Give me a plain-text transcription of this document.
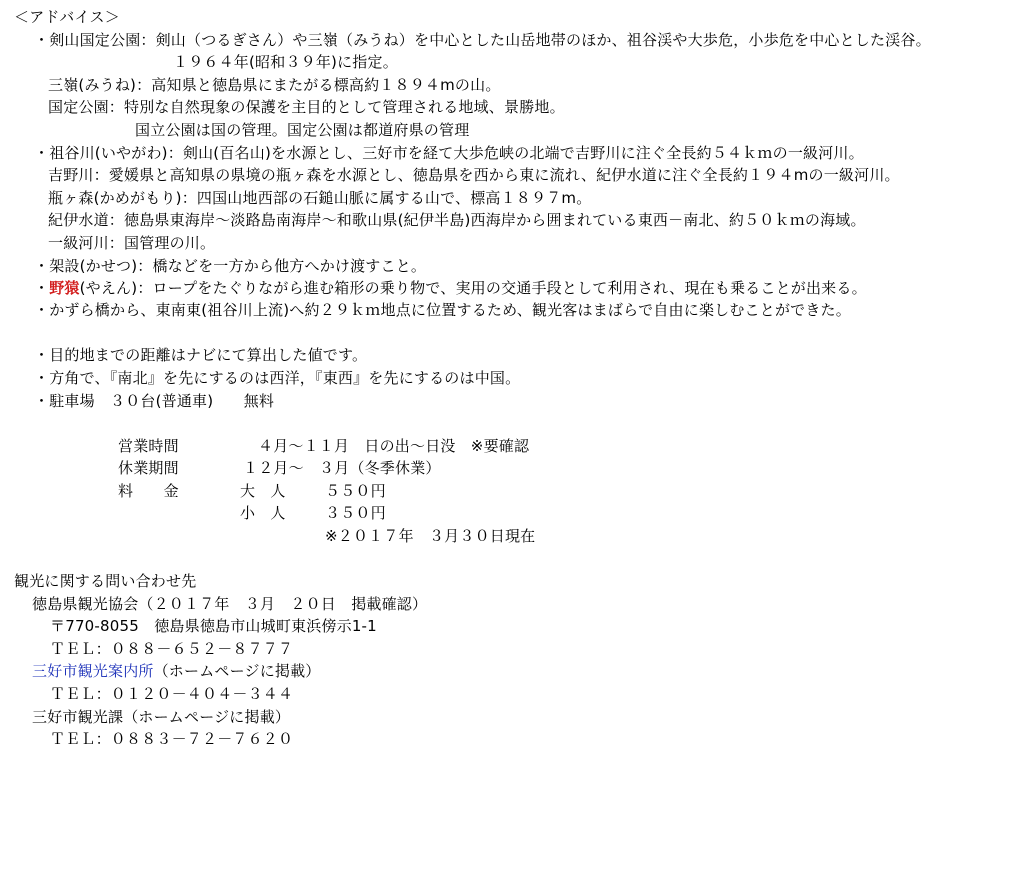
＜アドバイス＞
・剣山国定公園：剣山（つるぎさん）や三嶺（みうね）を中心とした山岳地帯のほか、祖谷渓や大歩危，小歩危を中心とした渓谷。
１９６４年(昭和３９年)に指定。
三嶺(みうね)：高知県と徳島県にまたがる標高約１８９４mの山。
国定公園：特別な自然現象の保護を主目的として管理される地域、景勝地。
国立公園は国の管理。国定公園は都道府県の管理
・祖谷川(いやがわ)：剣山(百名山)を水源とし、三好市を経て大歩危峡の北端で吉野川に注ぐ全長約５４ｋｍの一級河川。
吉野川：愛媛県と高知県の県境の瓶ヶ森を水源とし、徳島県を西から東に流れ、紀伊水道に注ぐ全長約１９４mの一級河川。
瓶ヶ森(かめがもり)：四国山地西部の石鎚山脈に属する山で、標高１８９７m。
紀伊水道：徳島県東海岸～淡路島南海岸～和歌山県(紀伊半島)西海岸から囲まれている東西－南北、約５０ｋｍの海域。
一級河川：国管理の川。
・架設(かせつ)：橋などを一方から他方へかけ渡すこと。
・野猿(やえん)：ロープをたぐりながら進む箱形の乗り物で、実用の交通手段として利用され、現在も乗ることが出来る。
・かずら橋から、東南東(祖谷川上流)へ約２９ｋｍ地点に位置するため、観光客はまばらで自由に楽しむことができた。
・目的地までの距離はナビにて算出した値です。
・方角で、『南北』を先にするのは西洋，『東西』を先にするのは中国。
・駐車場　３０台(普通車)　　無料
営業時間	４月～１１月　日の出～日没　※要確認
休業期間	１２月～　３月（冬季休業）
料　　金	大　人	５５０円
小　人	３５０円
※２０１７年　３月３０日現在
観光に関する問い合わせ先
徳島県観光協会（２０１７年　３月　２０日　掲載確認）
〒770-8055　徳島県徳島市山城町東浜傍示1-1
ＴＥＬ：０８８－６５２－８７７７
三好市観光案内所（ホームページに掲載）
ＴＥＬ：０１２０－４０４－３４４
三好市観光課（ホームページに掲載）
ＴＥＬ：０８８３－７２－７６２０
